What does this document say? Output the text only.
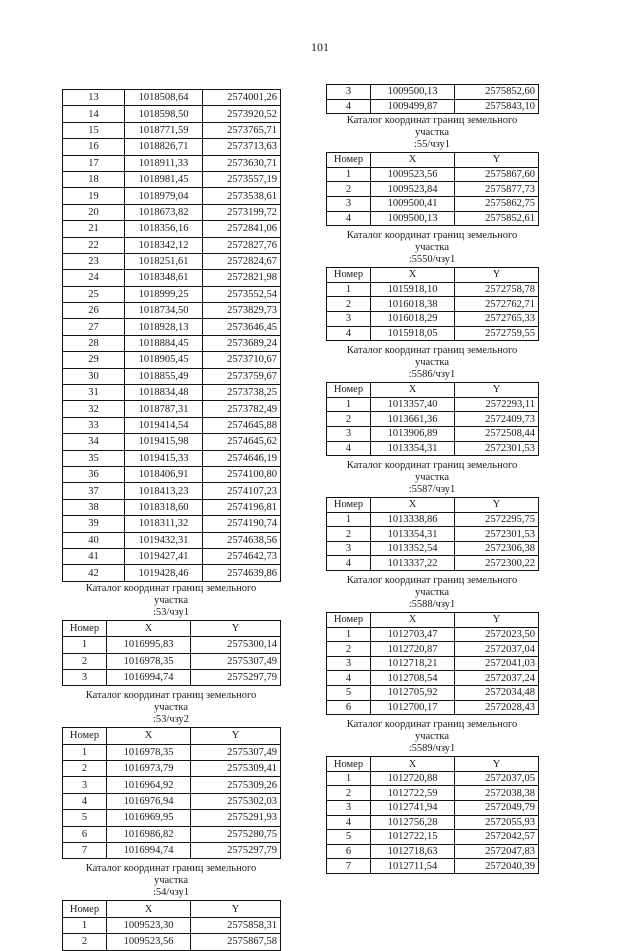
101
13	1018508,64	2574001,26
14	1018598,50	2573920,52
15	1018771,59	2573765,71
16	1018826,71	2573713,63
17	1018911,33	2573630,71
18	1018981,45	2573557,19
19	1018979,04	2573538,61
20	1018673,82	2573199,72
21	1018356,16	2572841,06
22	1018342,12	2572827,76
23	1018251,61	2572824,67
24	1018348,61	2572821,98
25	1018999,25	2573552,54
26	1018734,50	2573829,73
27	1018928,13	2573646,45
28	1018884,45	2573689,24
29	1018905,45	2573710,67
30	1018855,49	2573759,67
31	1018834,48	2573738,25
32	1018787,31	2573782,49
33	1019414,54	2574645,88
34	1019415,98	2574645,62
35	1019415,33	2574646,19
36	1018406,91	2574100,80
37	1018413,23	2574107,23
38	1018318,60	2574196,81
39	1018311,32	2574190,74
40	1019432,31	2574638,56
41	1019427,41	2574642,73
42	1019428,46	2574639,86
Каталог координат границ земельного
участка
:53/чзу1
Номер	X	Y
1	1016995,83	2575300,14
2	1016978,35	2575307,49
3	1016994,74	2575297,79
Каталог координат границ земельного
участка
:53/чзу2
Номер	X	Y
1	1016978,35	2575307,49
2	1016973,79	2575309,41
3	1016964,92	2575309,26
4	1016976,94	2575302,03
5	1016969,95	2575291,93
6	1016986,82	2575280,75
7	1016994,74	2575297,79
Каталог координат границ земельного
участка
:54/чзу1
Номер	X	Y
1	1009523,30	2575858,31
2	1009523,56	2575867,58
3	1009500,13	2575852,60
4	1009499,87	2575843,10
Каталог координат границ земельного
участка
:55/чзу1
Номер	X	Y
1	1009523,56	2575867,60
2	1009523,84	2575877,73
3	1009500,41	2575862,75
4	1009500,13	2575852,61
Каталог координат границ земельного
участка
:5550/чзу1
Номер	X	Y
1	1015918,10	2572758,78
2	1016018,38	2572762,71
3	1016018,29	2572765,33
4	1015918,05	2572759,55
Каталог координат границ земельного
участка
:5586/чзу1
Номер	X	Y
1	1013357,40	2572293,11
2	1013661,36	2572409,73
3	1013906,89	2572508,44
4	1013354,31	2572301,53
Каталог координат границ земельного
участка
:5587/чзу1
Номер	X	Y
1	1013338,86	2572295,75
2	1013354,31	2572301,53
3	1013352,54	2572306,38
4	1013337,22	2572300,22
Каталог координат границ земельного
участка
:5588/чзу1
Номер	X	Y
1	1012703,47	2572023,50
2	1012720,87	2572037,04
3	1012718,21	2572041,03
4	1012708,54	2572037,24
5	1012705,92	2572034,48
6	1012700,17	2572028,43
Каталог координат границ земельного
участка
:5589/чзу1
Номер	X	Y
1	1012720,88	2572037,05
2	1012722,59	2572038,38
3	1012741,94	2572049,79
4	1012756,28	2572055,93
5	1012722,15	2572042,57
6	1012718,63	2572047,83
7	1012711,54	2572040,39
